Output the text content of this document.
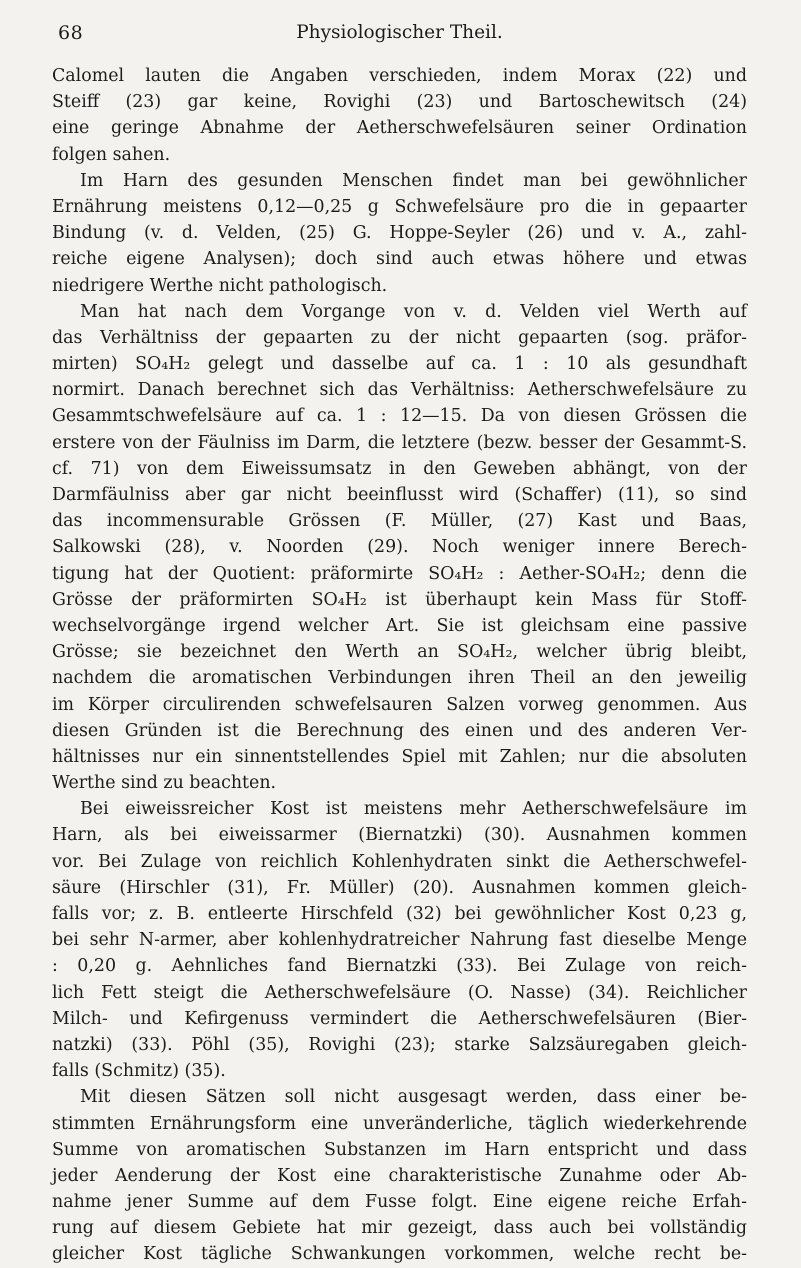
68	Physiologischer Theil.
Calomel lauten die Angaben verschieden, indem Morax (22) und
Steiff (23) gar keine, Rovighi (23) und Bartoschewitsch (24)
eine geringe Abnahme der Aetherschwefelsäuren seiner Ordination
folgen sahen.
Im Harn des gesunden Menschen findet man bei gewöhnlicher
Ernährung meistens 0,12—0,25 g Schwefelsäure pro die in gepaarter
Bindung (v. d. Velden, (25) G. Hoppe-Seyler (26) und v. A., zahl-
reiche eigene Analysen); doch sind auch etwas höhere und etwas
niedrigere Werthe nicht pathologisch.
Man hat nach dem Vorgange von v. d. Velden viel Werth auf
das Verhältniss der gepaarten zu der nicht gepaarten (sog. präfor-
mirten) SO₄H₂ gelegt und dasselbe auf ca. 1 : 10 als gesundhaft
normirt. Danach berechnet sich das Verhältniss: Aetherschwefelsäure zu
Gesammtschwefelsäure auf ca. 1 : 12—15. Da von diesen Grössen die
erstere von der Fäulniss im Darm, die letztere (bezw. besser der Gesammt-S.
cf. 71) von dem Eiweissumsatz in den Geweben abhängt, von der
Darmfäulniss aber gar nicht beeinflusst wird (Schaffer) (11), so sind
das incommensurable Grössen (F. Müller, (27) Kast und Baas,
Salkowski (28), v. Noorden (29). Noch weniger innere Berech-
tigung hat der Quotient: präformirte SO₄H₂ : Aether-SO₄H₂; denn die
Grösse der präformirten SO₄H₂ ist überhaupt kein Mass für Stoff-
wechselvorgänge irgend welcher Art. Sie ist gleichsam eine passive
Grösse; sie bezeichnet den Werth an SO₄H₂, welcher übrig bleibt,
nachdem die aromatischen Verbindungen ihren Theil an den jeweilig
im Körper circulirenden schwefelsauren Salzen vorweg genommen. Aus
diesen Gründen ist die Berechnung des einen und des anderen Ver-
hältnisses nur ein sinnentstellendes Spiel mit Zahlen; nur die absoluten
Werthe sind zu beachten.
Bei eiweissreicher Kost ist meistens mehr Aetherschwefelsäure im
Harn, als bei eiweissarmer (Biernatzki) (30). Ausnahmen kommen
vor. Bei Zulage von reichlich Kohlenhydraten sinkt die Aetherschwefel-
säure (Hirschler (31), Fr. Müller) (20). Ausnahmen kommen gleich-
falls vor; z. B. entleerte Hirschfeld (32) bei gewöhnlicher Kost 0,23 g,
bei sehr N-armer, aber kohlenhydratreicher Nahrung fast dieselbe Menge
: 0,20 g. Aehnliches fand Biernatzki (33). Bei Zulage von reich-
lich Fett steigt die Aetherschwefelsäure (O. Nasse) (34). Reichlicher
Milch- und Kefirgenuss vermindert die Aetherschwefelsäuren (Bier-
natzki) (33). Pöhl (35), Rovighi (23); starke Salzsäuregaben gleich-
falls (Schmitz) (35).
Mit diesen Sätzen soll nicht ausgesagt werden, dass einer be-
stimmten Ernährungsform eine unveränderliche, täglich wiederkehrende
Summe von aromatischen Substanzen im Harn entspricht und dass
jeder Aenderung der Kost eine charakteristische Zunahme oder Ab-
nahme jener Summe auf dem Fusse folgt. Eine eigene reiche Erfah-
rung auf diesem Gebiete hat mir gezeigt, dass auch bei vollständig
gleicher Kost tägliche Schwankungen vorkommen, welche recht be-
